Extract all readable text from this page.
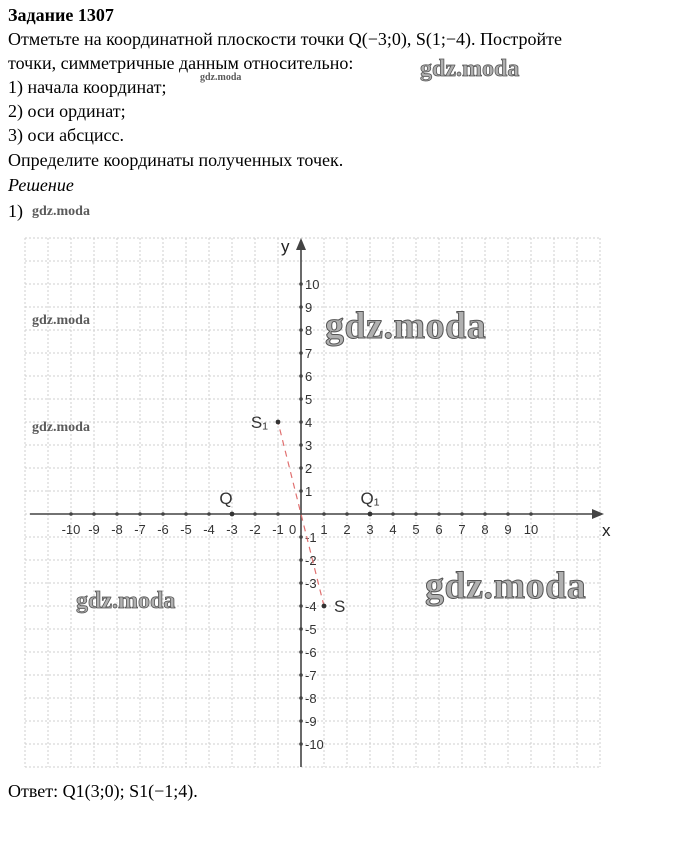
Задание 1307
Отметьте на координатной плоскости точки Q(−3;0), S(1;−4). Постройте
точки, симметричные данным относительно:
1) начала координат;
2) оси ординат;
3) оси абсцисс.
Определите координаты полученных точек.
Решение
1)
x
y
-10 -9 -8 -7 -6 -5 -4 -3 -2 -1	1 2 3 4 5 6 7 8 9 10
10
9
8
7
6
5
4
3
2
1
-1
-2
-3
-4
-5
-6
-7
-8
-9
-10
0
Q	Q₁
S
S₁
gdz.moda	gdz.moda
gdz.moda
gdz.moda
gdz.moda
gdz.moda
gdz.moda
gdz.moda
Ответ: Q1(3;0); S1(−1;4).
